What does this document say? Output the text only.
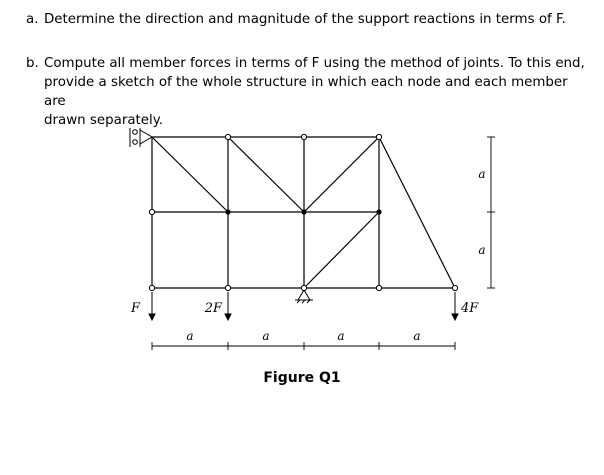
a. Determine the direction and magnitude of the support reactions in terms of F.
b. Compute all member forces in terms of F using the method of joints. To this end,
provide a sketch of the whole structure in which each node and each member are
drawn separately.
F	2F	4F
a	a	a	a
a
a
Figure Q1
